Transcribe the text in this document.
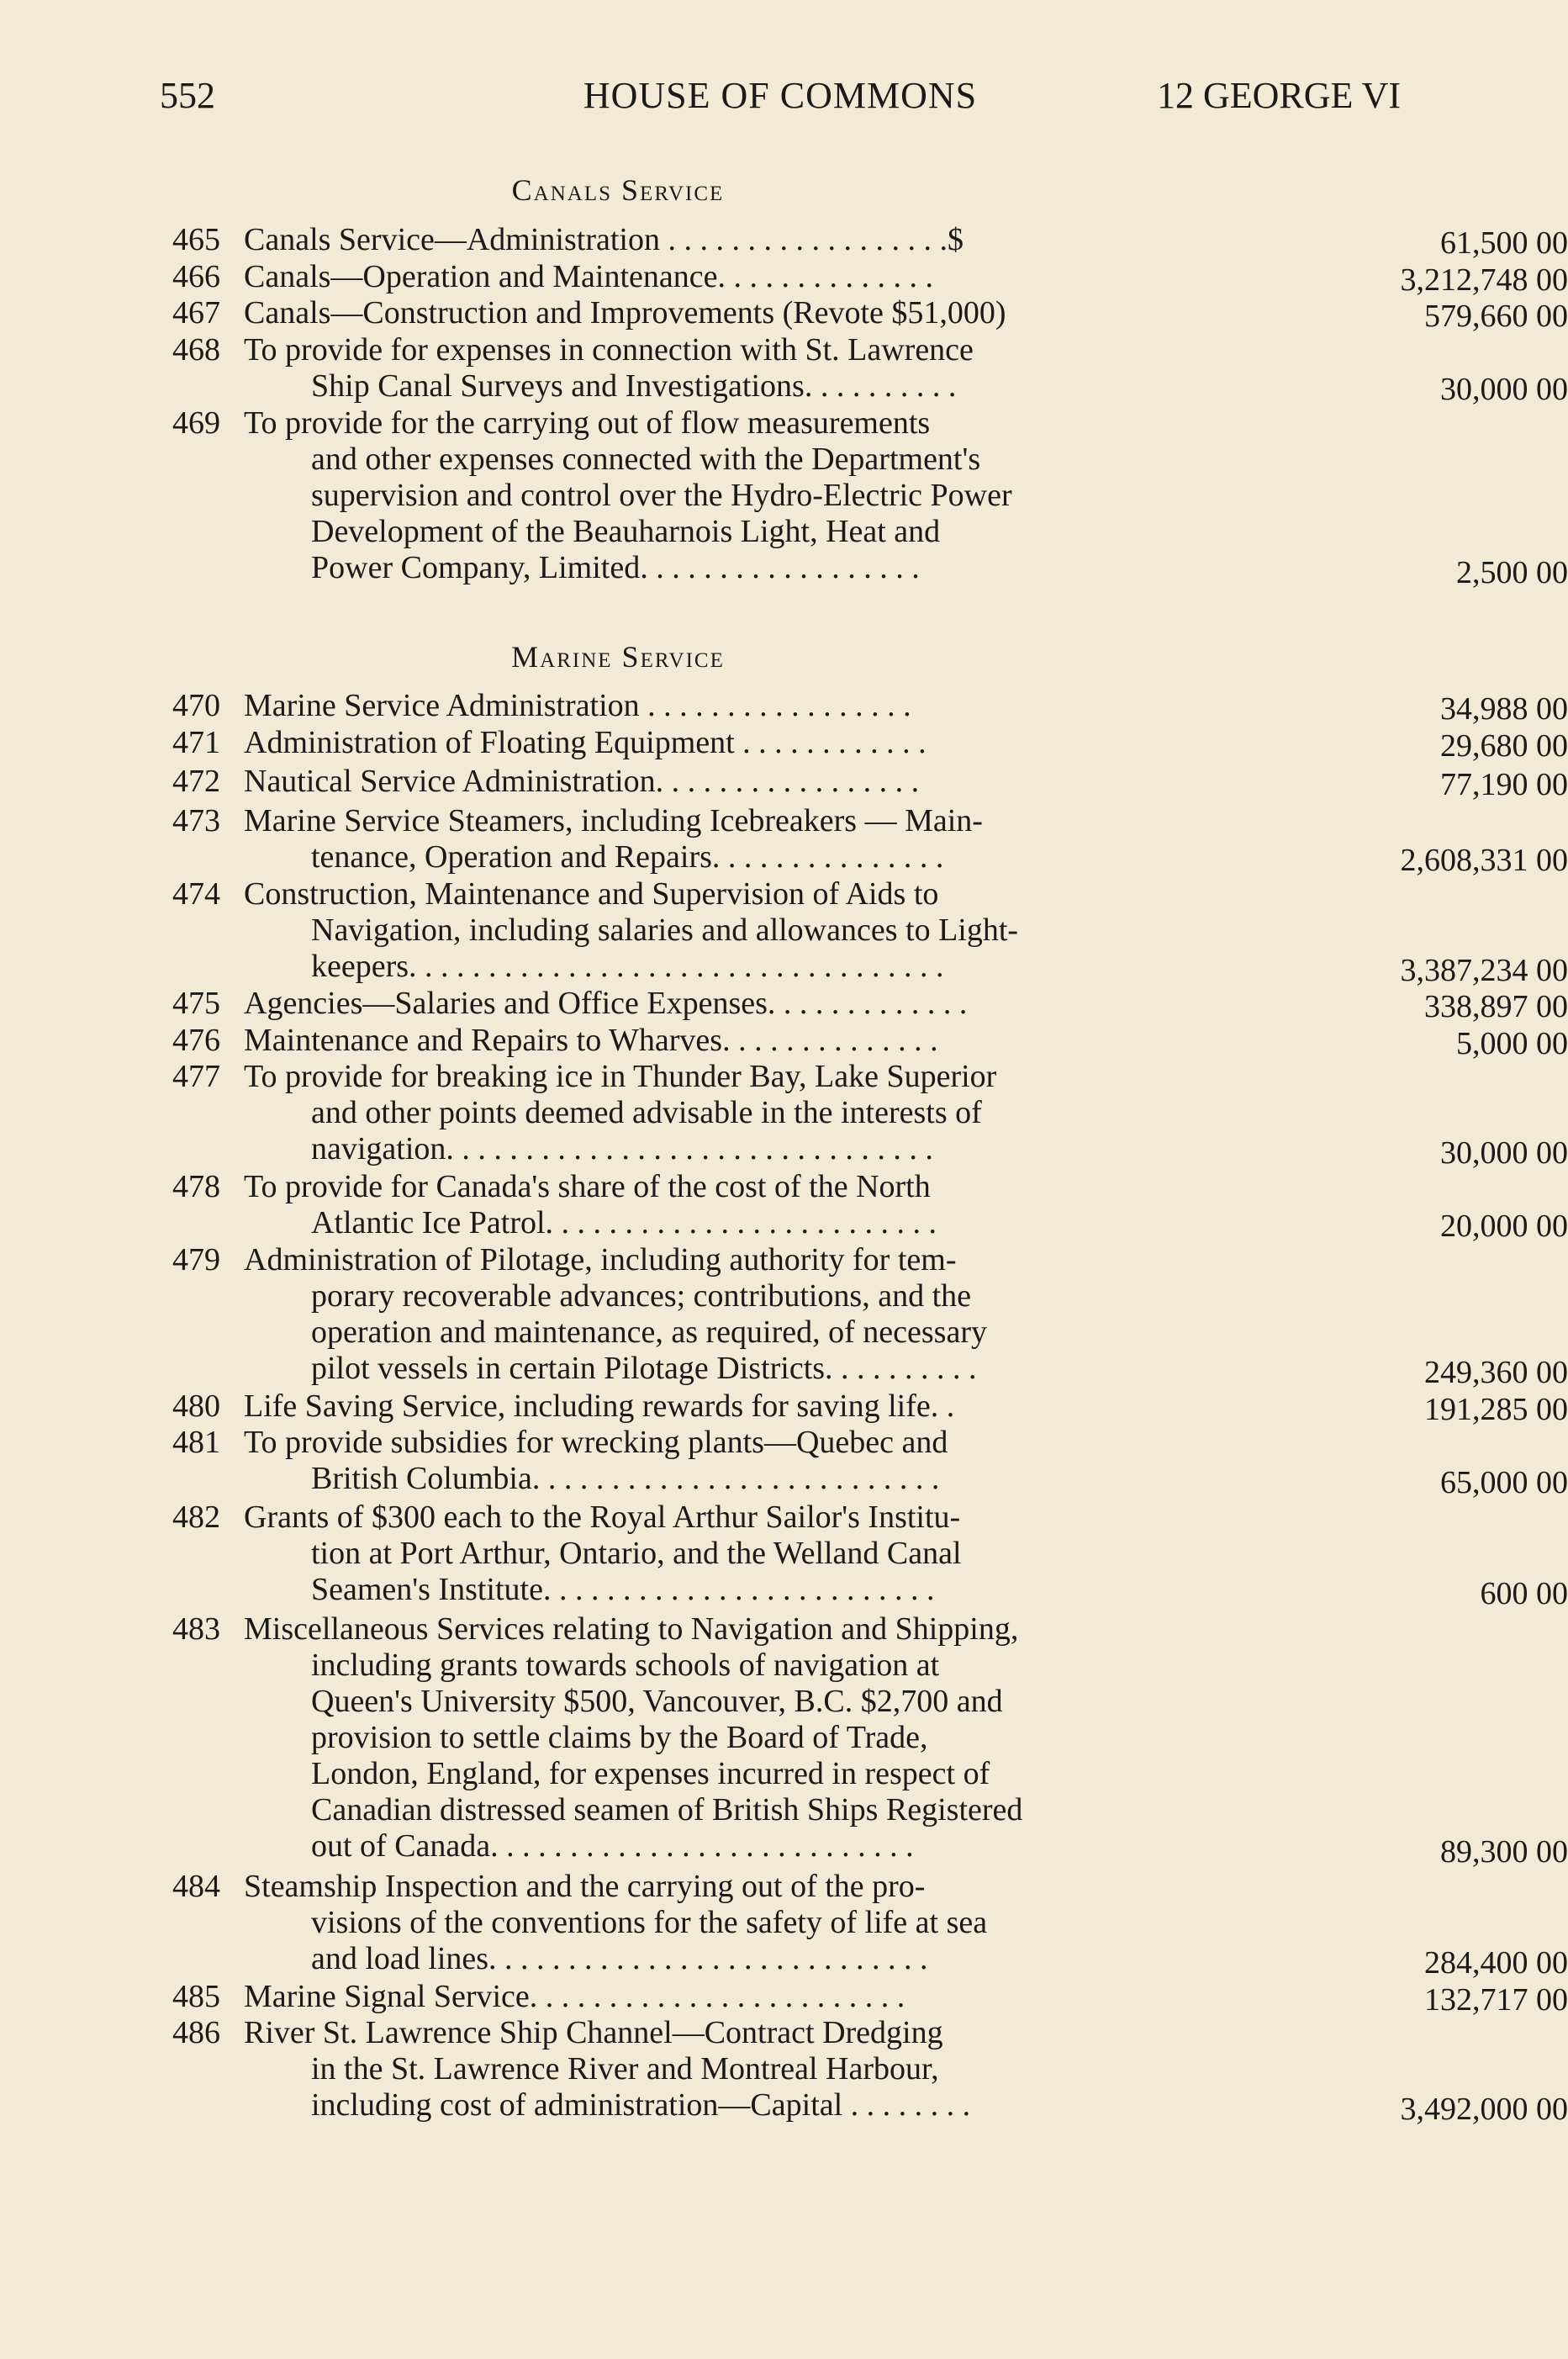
552	HOUSE OF COMMONS	12 GEORGE VI
Canals Service
465 Canals Service—Administration . . . . . . . . . . . . . . . . . .$	61,500 00
466 Canals—Operation and Maintenance. . . . . . . . . . . . . .	3,212,748 00
467 Canals—Construction and Improvements (Revote $51,000)	579,660 00
468 To provide for expenses in connection with St. Lawrence
Ship Canal Surveys and Investigations. . . . . . . . . .	30,000 00
469 To provide for the carrying out of flow measurements
and other expenses connected with the Department's
supervision and control over the Hydro-Electric Power
Development of the Beauharnois Light, Heat and
Power Company, Limited. . . . . . . . . . . . . . . . . .	2,500 00
Marine Service
470 Marine Service Administration . . . . . . . . . . . . . . . . .	34,988 00
471 Administration of Floating Equipment . . . . . . . . . . . .	29,680 00
472 Nautical Service Administration. . . . . . . . . . . . . . . . .	77,190 00
473 Marine Service Steamers, including Icebreakers — Main-
tenance, Operation and Repairs. . . . . . . . . . . . . . .	2,608,331 00
474 Construction, Maintenance and Supervision of Aids to
Navigation, including salaries and allowances to Light-
keepers. . . . . . . . . . . . . . . . . . . . . . . . . . . . . . . . . .	3,387,234 00
475 Agencies—Salaries and Office Expenses. . . . . . . . . . . . .	338,897 00
476 Maintenance and Repairs to Wharves. . . . . . . . . . . . . .	5,000 00
477 To provide for breaking ice in Thunder Bay, Lake Superior
and other points deemed advisable in the interests of
navigation. . . . . . . . . . . . . . . . . . . . . . . . . . . . . . .	30,000 00
478 To provide for Canada's share of the cost of the North
Atlantic Ice Patrol. . . . . . . . . . . . . . . . . . . . . . . . .	20,000 00
479 Administration of Pilotage, including authority for tem-
porary recoverable advances; contributions, and the
operation and maintenance, as required, of necessary
pilot vessels in certain Pilotage Districts. . . . . . . . . .	249,360 00
480 Life Saving Service, including rewards for saving life. .	191,285 00
481 To provide subsidies for wrecking plants—Quebec and
British Columbia. . . . . . . . . . . . . . . . . . . . . . . . . .	65,000 00
482 Grants of $300 each to the Royal Arthur Sailor's Institu-
tion at Port Arthur, Ontario, and the Welland Canal
Seamen's Institute. . . . . . . . . . . . . . . . . . . . . . . . .	600 00
483 Miscellaneous Services relating to Navigation and Shipping,
including grants towards schools of navigation at
Queen's University $500, Vancouver, B.C. $2,700 and
provision to settle claims by the Board of Trade,
London, England, for expenses incurred in respect of
Canadian distressed seamen of British Ships Registered
out of Canada. . . . . . . . . . . . . . . . . . . . . . . . . . .	89,300 00
484 Steamship Inspection and the carrying out of the pro-
visions of the conventions for the safety of life at sea
and load lines. . . . . . . . . . . . . . . . . . . . . . . . . . . .	284,400 00
485 Marine Signal Service. . . . . . . . . . . . . . . . . . . . . . . .	132,717 00
486 River St. Lawrence Ship Channel—Contract Dredging
in the St. Lawrence River and Montreal Harbour,
including cost of administration—Capital . . . . . . . .	3,492,000 00
